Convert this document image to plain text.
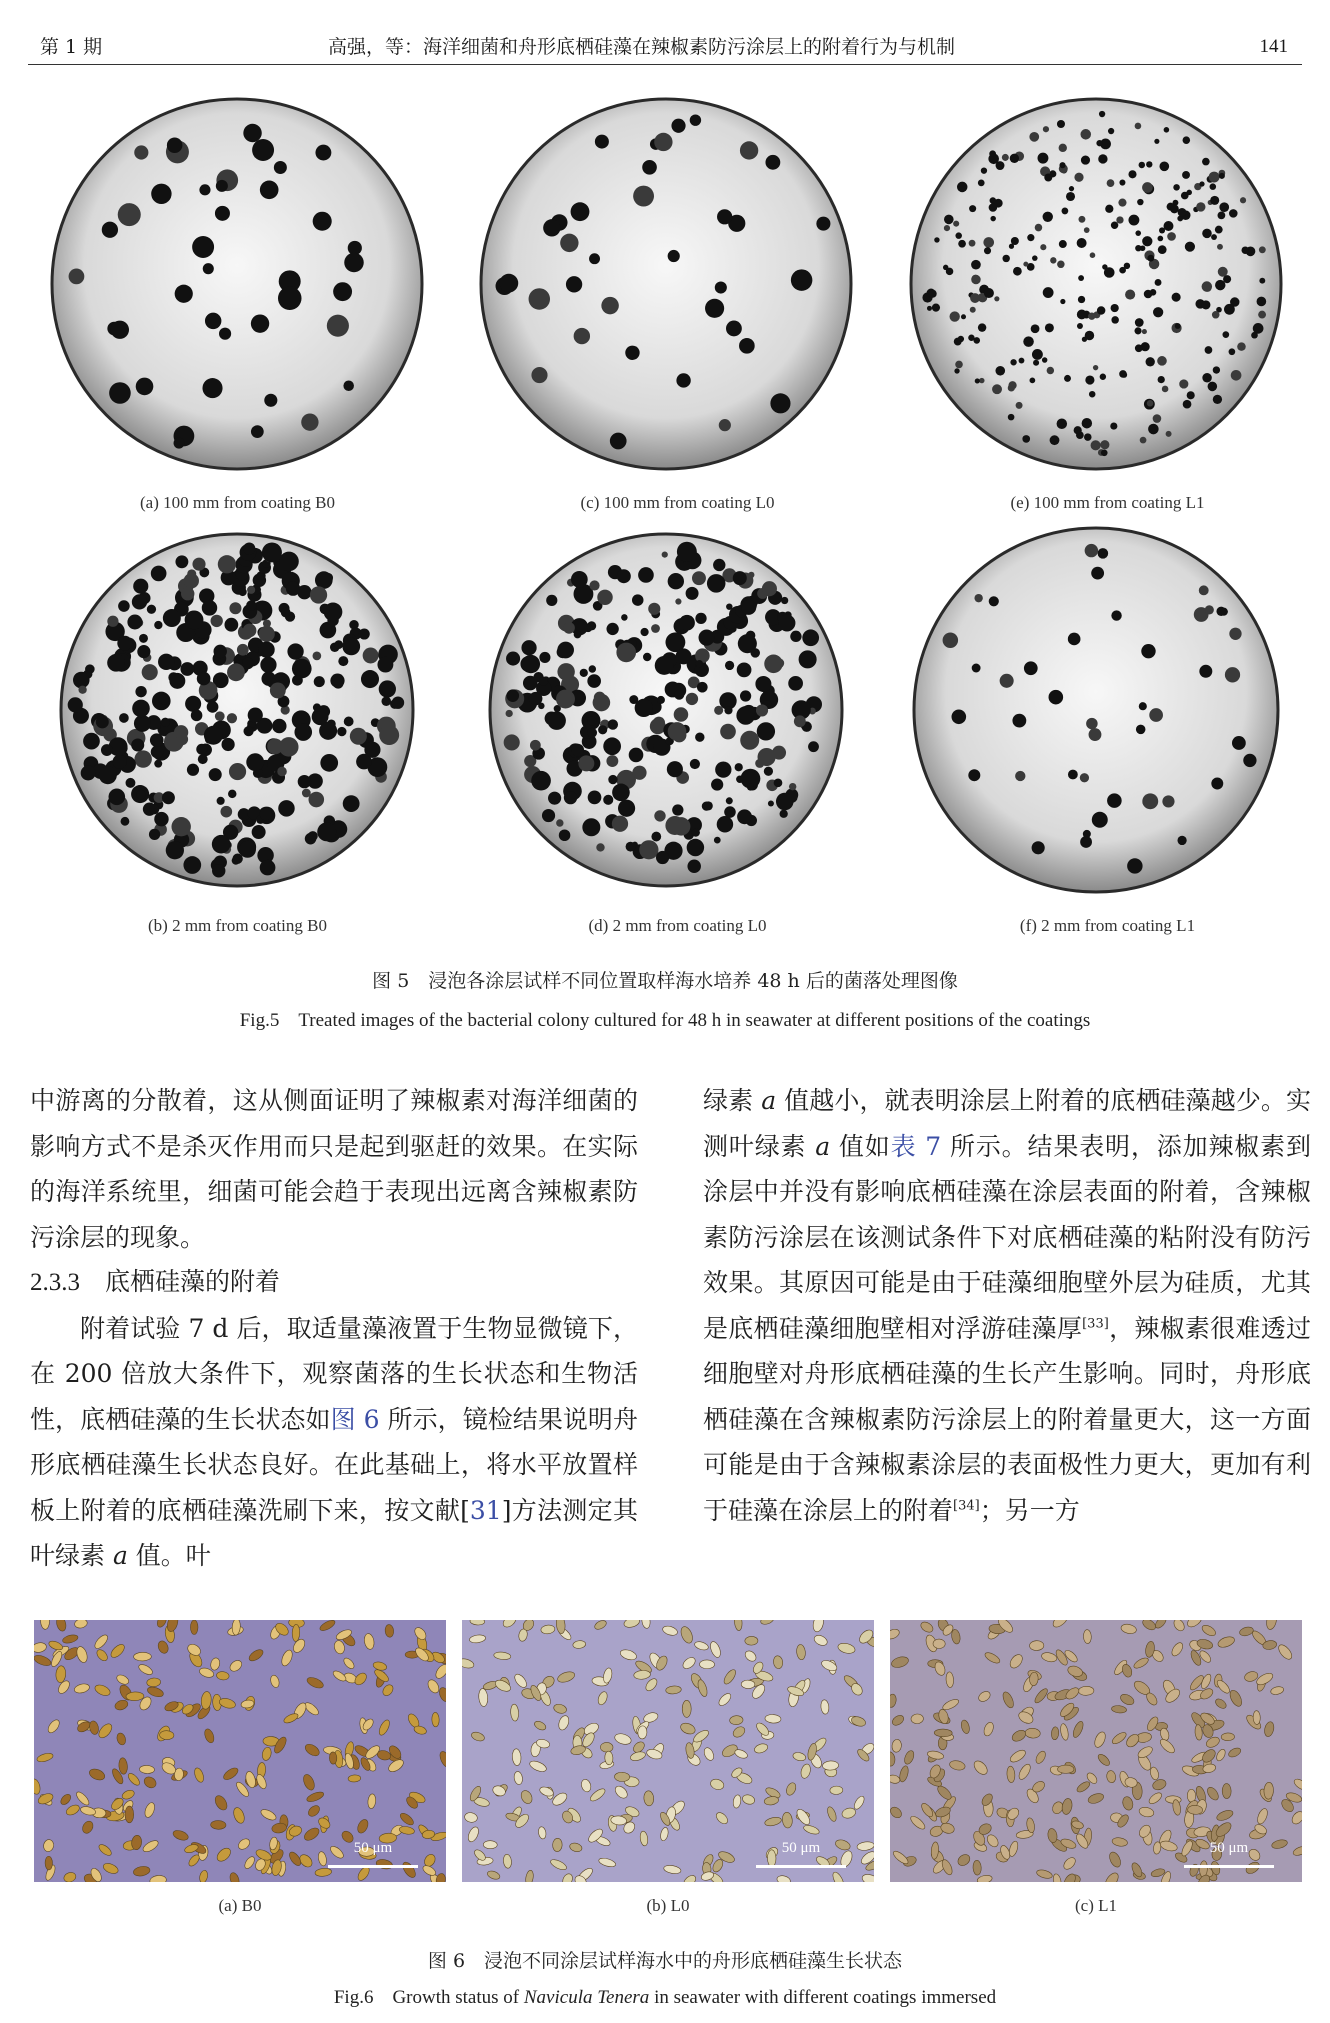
第 1 期	高强，等：海洋细菌和舟形底栖硅藻在辣椒素防污涂层上的附着行为与机制	141
(a) 100 mm from coating B0	(c) 100 mm from coating L0	(e) 100 mm from coating L1
(b) 2 mm from coating B0	(d) 2 mm from coating L0	(f) 2 mm from coating L1
图 5　浸泡各涂层试样不同位置取样海水培养 48 h 后的菌落处理图像
Fig.5　Treated images of the bacterial colony cultured for 48 h in seawater at different positions of the coatings

中游离的分散着，这从侧面证明了辣椒素对海洋细菌的影响方式不是杀灭作用而只是起到驱赶的效果。在实际的海洋系统里，细菌可能会趋于表现出远离含辣椒素防污涂层的现象。

2.3.3　底栖硅藻的附着

附着试验 7 d 后，取适量藻液置于生物显微镜下，在 200 倍放大条件下，观察菌落的生长状态和生物活性，底栖硅藻的生长状态如图 6 所示，镜检结果说明舟形底栖硅藻生长状态良好。在此基础上，将水平放置样板上附着的底栖硅藻洗刷下来，按文献[31]方法测定其叶绿素 a 值。叶

绿素 a 值越小，就表明涂层上附着的底栖硅藻越少。实测叶绿素 a 值如表 7 所示。结果表明，添加辣椒素到涂层中并没有影响底栖硅藻在涂层表面的附着，含辣椒素防污涂层在该测试条件下对底栖硅藻的粘附没有防污效果。其原因可能是由于硅藻细胞壁外层为硅质，尤其是底栖硅藻细胞壁相对浮游硅藻厚[33]，辣椒素很难透过细胞壁对舟形底栖硅藻的生长产生影响。同时，舟形底栖硅藻在含辣椒素防污涂层上的附着量更大，这一方面可能是由于含辣椒素涂层的表面极性力更大，更加有利于硅藻在涂层上的附着[34]；另一方

50 μm	50 μm	50 μm
(a) B0	(b) L0	(c) L1
图 6　浸泡不同涂层试样海水中的舟形底栖硅藻生长状态
Fig.6　Growth status of Navicula Tenera in seawater with different coatings immersed
